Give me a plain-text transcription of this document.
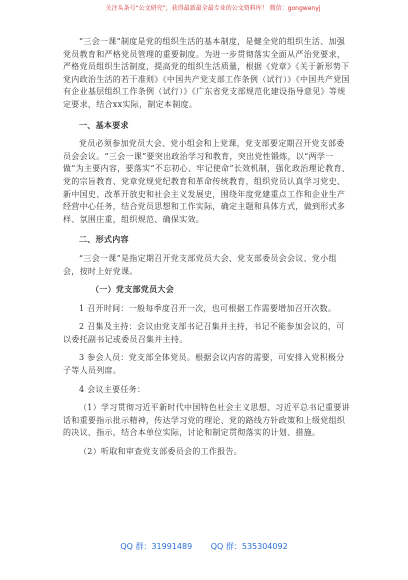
关注头条号“公文研究”，获得最新最全最专业的公文资料库！ 微信：gongwenyj

“三会一课”制度是党的组织生活的基本制度，是健全党的组织生活、加强党员教育和严格党员管理的重要制度。为进一步贯彻落实全面从严治党要求，严格党员组织生活制度，提高党的组织生活质量，根据《党章》《关于新形势下党内政治生活的若干准则》《中国共产党支部工作条例（试行）》《中国共产党国有企业基层组织工作条例（试行）》《广东省党支部规范化建设指导意见》等规定要求，结合xx实际，制定本制度。

一、基本要求

党员必须参加党员大会、党小组会和上党课，党支部要定期召开党支部委员会会议。“三会一课”要突出政治学习和教育，突出党性锻炼，以“两学一做”为主要内容，要落实“不忘初心、牢记使命”长效机制，强化政治理论教育、党的宗旨教育、党章党规党纪教育和革命传统教育，组织党员认真学习党史、新中国史、改革开放史和社会主义发展史，围绕年度党建重点工作和企业生产经营中心任务，结合党员思想和工作实际，确定主题和具体方式，做到形式多样、氛围庄重，组织规范、确保实效。

二、形式内容

“三会一课”是指定期召开党支部党员大会、党支部委员会会议、党小组会，按时上好党课。

（一）党支部党员大会

1 召开时间：一般每季度召开一次，也可根据工作需要增加召开次数。

2 召集及主持：会议由党支部书记召集并主持，书记不能参加会议的，可以委托副书记或委员召集并主持。

3 参会人员：党支部全体党员。根据会议内容的需要，可安排入党积极分子等人员列席。

4 会议主要任务：

（1）学习贯彻习近平新时代中国特色社会主义思想、习近平总书记重要讲话和重要指示批示精神，传达学习党的理论、党的路线方针政策和上级党组织的决议、指示，结合本单位实际，讨论和制定贯彻落实的计划、措施。

（2）听取和审查党支部委员会的工作报告。

QQ 群：31991489 QQ 群：535304092
